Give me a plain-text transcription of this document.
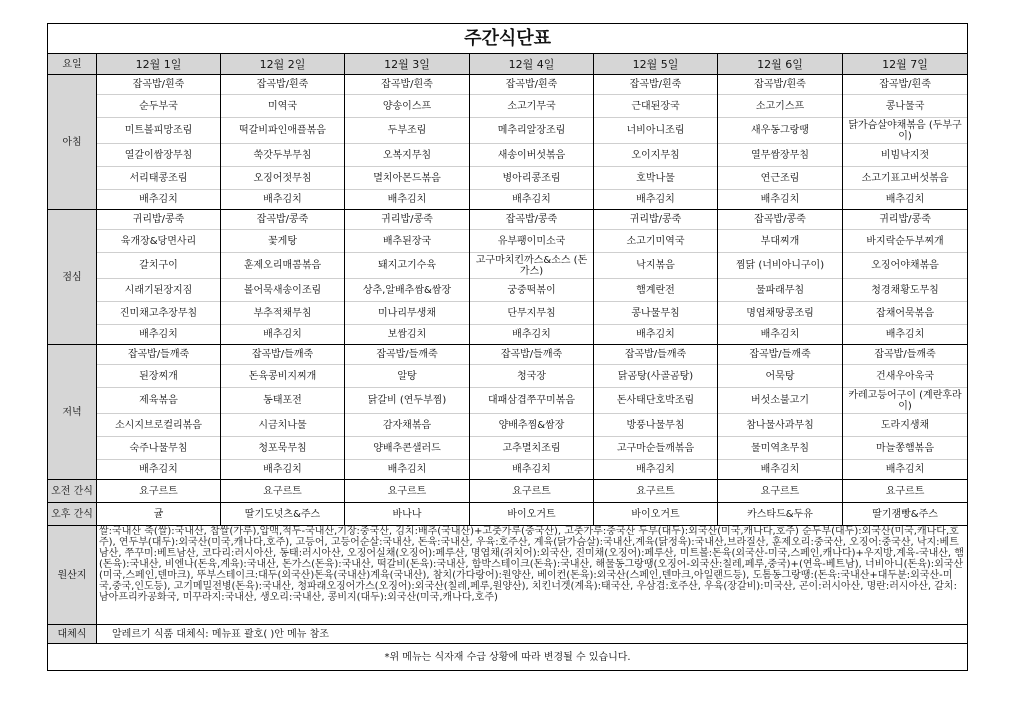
주간식단표							
요일	12월 1일	12월 2일	12월 3일	12월 4일	12월 5일	12월 6일	12월 7일
아침	잡곡밥/흰죽	잡곡밥/흰죽	잡곡밥/흰죽	잡곡밥/흰죽	잡곡밥/흰죽	잡곡밥/흰죽	잡곡밥/흰죽
	순두부국	미역국	양송이스프	소고기무국	근대된장국	소고기스프	콩나물국
	미트볼피망조림	떡갈비파인애플볶음	두부조림	메추리알장조림	너비아니조림	새우동그랑땡	닭가슴살야채볶음 (두부구이)
	열갈이쌈장무침	쑥갓두부무침	오복지무침	새송이버섯볶음	오이지무침	열무쌈장무침	비빔낙지젓
	서리태콩조림	오징어젓무침	멸치아몬드볶음	병아리콩조림	호박나물	연근조림	소고기표고버섯볶음
	배추김치	배추김치	배추김치	배추김치	배추김치	배추김치	배추김치
점심	귀리밥/콩죽	잡곡밥/콩죽	귀리밥/콩죽	잡곡밥/콩죽	귀리밥/콩죽	잡곡밥/콩죽	귀리밥/콩죽
	육개장&당면사리	꽃게탕	배추된장국	유부팽이미소국	소고기미역국	부대찌개	바지락순두부찌개
	갈치구이	훈제오리매콤볶음	돼지고기수육	고구마치킨까스&소스 (돈가스)	낙지볶음	찜닭 (너비아니구이)	오징어야채볶음
	시래기된장지짐	볼어묵새송이조림	상추,알배추쌈&쌈장	궁중떡볶이	햄계란전	물파래무침	청경채황도무침
	진미채고추장무침	부추적채무침	미나리무생채	단무지무침	콩나물무침	명엽채땅콩조림	잡채어묵볶음
	배추김치	배추김치	보쌈김치	배추김치	배추김치	배추김치	배추김치
저녁	잡곡밥/들깨죽	잡곡밥/들깨죽	잡곡밥/들깨죽	잡곡밥/들깨죽	잡곡밥/들깨죽	잡곡밥/들깨죽	잡곡밥/들깨죽
	된장찌개	돈육콩비지찌개	알탕	청국장	닭곰탕(사골곰탕)	어묵탕	건새우아욱국
	제육볶음	동태포전	닭갈비 (연두부찜)	대패삼겹쭈꾸미볶음	돈사태단호박조림	버섯소불고기	카레고등어구이 (계란후라이)
	소시지브로컬리볶음	시금치나물	감자채볶음	양배추찜&쌈장	방풍나물무침	참나물사과무침	도라지생채
	숙주나물무침	청포묵무침	양배추콘샐러드	고추멸치조림	고구마순들깨볶음	물미역초무침	마늘쫑햄볶음
	배추김치	배추김치	배추김치	배추김치	배추김치	배추김치	배추김치
오전 간식	요구르트	요구르트	요구르트	요구르트	요구르트	요구르트	요구르트
오후 간식	귤	딸기도넛츠&주스	바나나	바이오거트	바이오거트	카스타드&두유	딸기잼빵&주스
원산지	쌀:국내산 죽(쌀):국내산, 찹쌀(가루),압맥,적두-국내산,기장:중국산, 김치:배추(국내산)+고춧가루(중국산), 고춧가루:중국산 두부(대두):외국산(미국,캐나다,호주) 순두부(대두):외국산(미국,캐나다,호주), 연두부(대두):외국산(미국,캐나다,호주), 고등어, 고등어순살:국내산, 돈육:국내산, 우육:호주산, 계육(닭가슴살):국내산,계육(닭정육):국내산,브라질산, 훈제오리:중국산, 오징어:중국산, 낙지:베트남산, 쭈꾸미:베트남산, 코다리:러시아산, 동태:러시아산, 오징어실채(오징어):페루산, 명엽채(쥐치어):외국산, 진미채(오징어):페루산, 미트볼:돈육(외국산-미국,스페인,캐나다)+우지방,계육-국내산, 햄(돈육):국내산, 비엔나(돈육,계육):국내산, 돈가스(돈육):국내산, 떡갈비(돈육):국내산, 함박스테이크(돈육):국내산, 해물동그랑땡(오징어-외국산:칠레,페루,중국)+(연육-베트남), 너비아니(돈육):외국산(미국,스페인,덴마크), 뚜부스테이크:대두(외국산)돈육(국내산)계육(국내산), 참치(가다랑어):원양산, 베이컨(돈육):외국산(스페인,덴마크,아일랜드등), 도톰동그랑땡:(돈육:국내산+대두분:외국산-미국,중국,인도등), 고기메밀전병(돈육):국내산, 청파래오징어가스(오징어):외국산(칠레,페루,원양산), 치킨너겟(계육):태국산, 우삼겹:호주산, 우육(장갈비):미국산, 곤이:러시아산, 명란:러시아산, 갈치:남아프리카공화국, 미꾸라지:국내산, 생오리:국내산, 콩비지(대두):외국산(미국,캐나다,호주)						
대체식	알레르기 식품 대체식: 메뉴표 괄호( )안 메뉴 참조						
*위 메뉴는 식자재 수급 상황에 따라 변경될 수 있습니다.							
